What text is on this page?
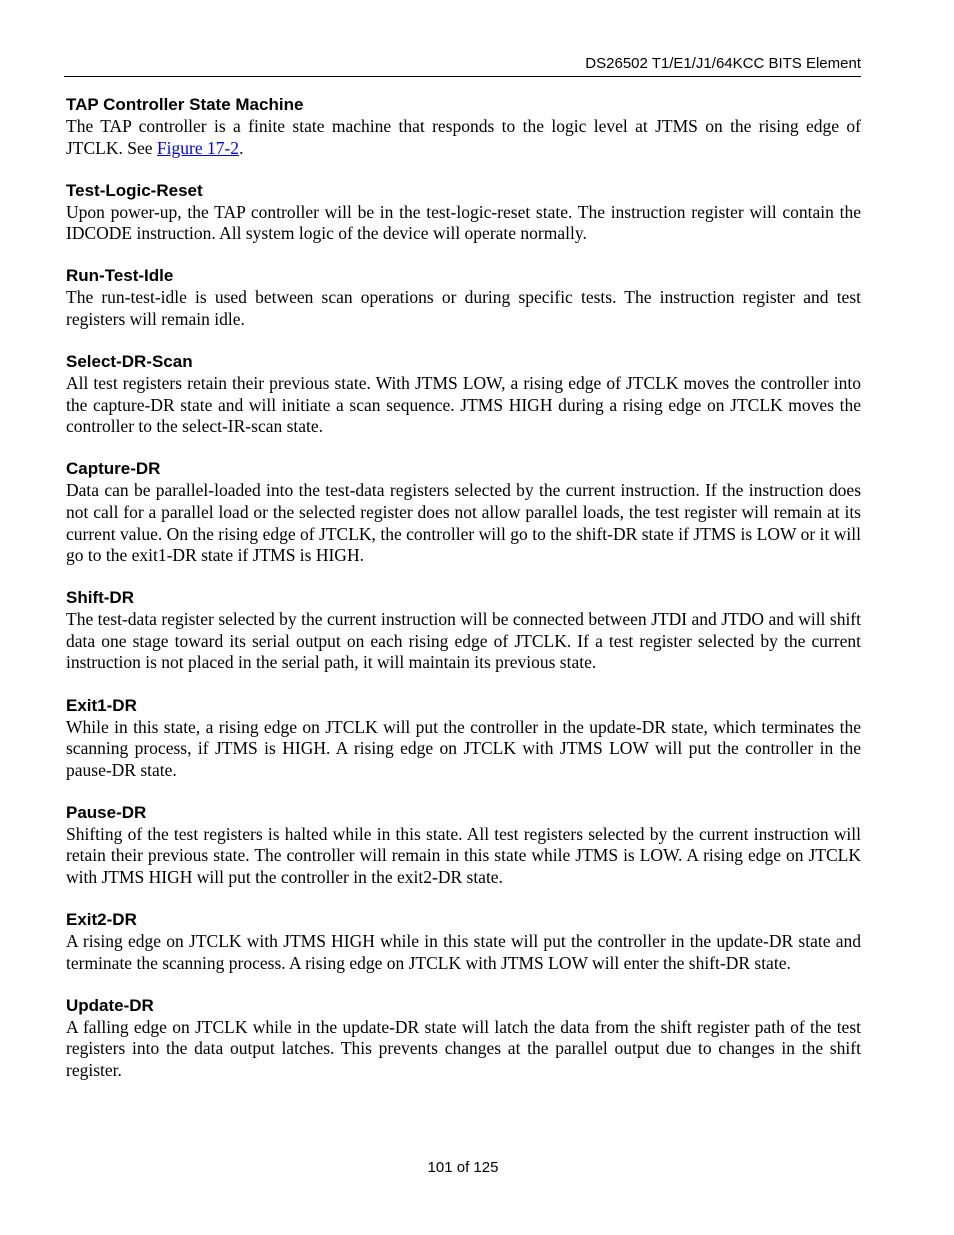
DS26502 T1/E1/J1/64KCC BITS Element
TAP Controller State Machine

The TAP controller is a finite state machine that responds to the logic level at JTMS on the rising edge of JTCLK. See Figure 17-2.

Test-Logic-Reset

Upon power-up, the TAP controller will be in the test-logic-reset state. The instruction register will contain the IDCODE instruction. All system logic of the device will operate normally.

Run-Test-Idle

The run-test-idle is used between scan operations or during specific tests. The instruction register and test registers will remain idle.

Select-DR-Scan

All test registers retain their previous state. With JTMS LOW, a rising edge of JTCLK moves the controller into the capture-DR state and will initiate a scan sequence. JTMS HIGH during a rising edge on JTCLK moves the controller to the select-IR-scan state.

Capture-DR

Data can be parallel-loaded into the test-data registers selected by the current instruction. If the instruction does not call for a parallel load or the selected register does not allow parallel loads, the test register will remain at its current value. On the rising edge of JTCLK, the controller will go to the shift-DR state if JTMS is LOW or it will go to the exit1-DR state if JTMS is HIGH.

Shift-DR

The test-data register selected by the current instruction will be connected between JTDI and JTDO and will shift data one stage toward its serial output on each rising edge of JTCLK. If a test register selected by the current instruction is not placed in the serial path, it will maintain its previous state.

Exit1-DR

While in this state, a rising edge on JTCLK will put the controller in the update-DR state, which terminates the scanning process, if JTMS is HIGH. A rising edge on JTCLK with JTMS LOW will put the controller in the pause-DR state.

Pause-DR

Shifting of the test registers is halted while in this state. All test registers selected by the current instruction will retain their previous state. The controller will remain in this state while JTMS is LOW. A rising edge on JTCLK with JTMS HIGH will put the controller in the exit2-DR state.

Exit2-DR

A rising edge on JTCLK with JTMS HIGH while in this state will put the controller in the update-DR state and terminate the scanning process. A rising edge on JTCLK with JTMS LOW will enter the shift-DR state.

Update-DR

A falling edge on JTCLK while in the update-DR state will latch the data from the shift register path of the test registers into the data output latches. This prevents changes at the parallel output due to changes in the shift register.

101 of 125
